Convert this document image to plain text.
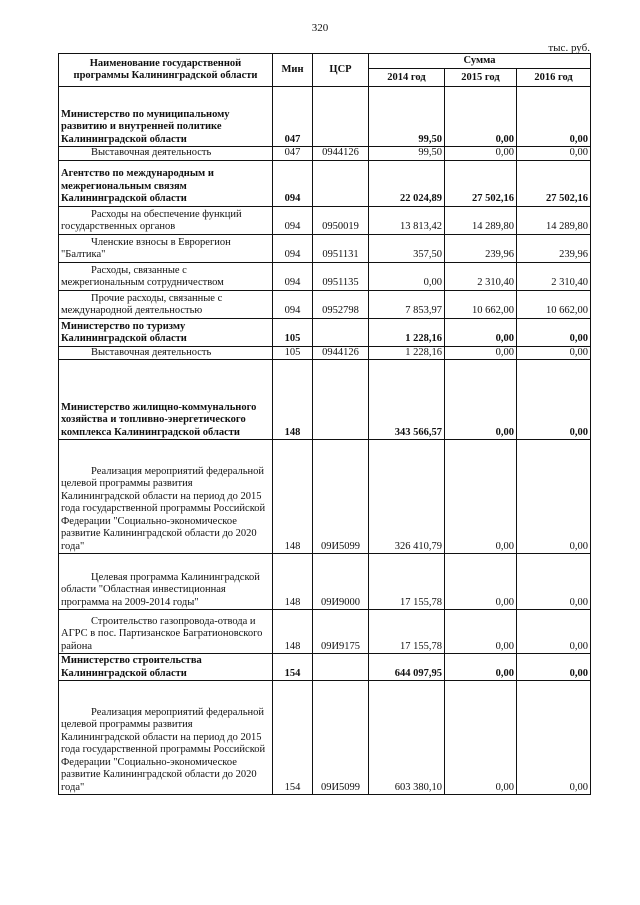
320
тыс. руб.
Наименование государственной программы Калининградской области	Мин	ЦСР	Сумма		
			2014 год	2015 год	2016 год
Министерство по муниципальному развитию и внутренней политике Калининградской области	047		99,50	0,00	0,00
Выставочная деятельность	047	0944126	99,50	0,00	0,00
Агентство по международным и межрегиональным связям Калининградской области	094		22 024,89	27 502,16	27 502,16
Расходы на обеспечение функций государственных органов	094	0950019	13 813,42	14 289,80	14 289,80
Членские взносы в Еврорегион "Балтика"	094	0951131	357,50	239,96	239,96
Расходы, связанные с межрегиональным сотрудничеством	094	0951135	0,00	2 310,40	2 310,40
Прочие расходы, связанные с международной деятельностью	094	0952798	7 853,97	10 662,00	10 662,00
Министерство по туризму Калининградской области	105		1 228,16	0,00	0,00
Выставочная деятельность	105	0944126	1 228,16	0,00	0,00
Министерство жилищно-коммунального хозяйства и топливно-энергетического комплекса Калининградской области	148		343 566,57	0,00	0,00
Реализация мероприятий федеральной целевой программы развития Калининградской области на период до 2015 года государственной программы Российской Федерации "Социально-экономическое развитие Калининградской области до 2020 года"	148	09И5099	326 410,79	0,00	0,00
Целевая программа Калининградской области "Областная инвестиционная программа на 2009-2014 годы"	148	09И9000	17 155,78	0,00	0,00
Строительство газопровода-отвода и АГРС в пос. Партизанское Багратионовского района	148	09И9175	17 155,78	0,00	0,00
Министерство строительства Калининградской области	154		644 097,95	0,00	0,00
Реализация мероприятий федеральной целевой программы развития Калининградской области на период до 2015 года государственной программы Российской Федерации "Социально-экономическое развитие Калининградской области до 2020 года"	154	09И5099	603 380,10	0,00	0,00
